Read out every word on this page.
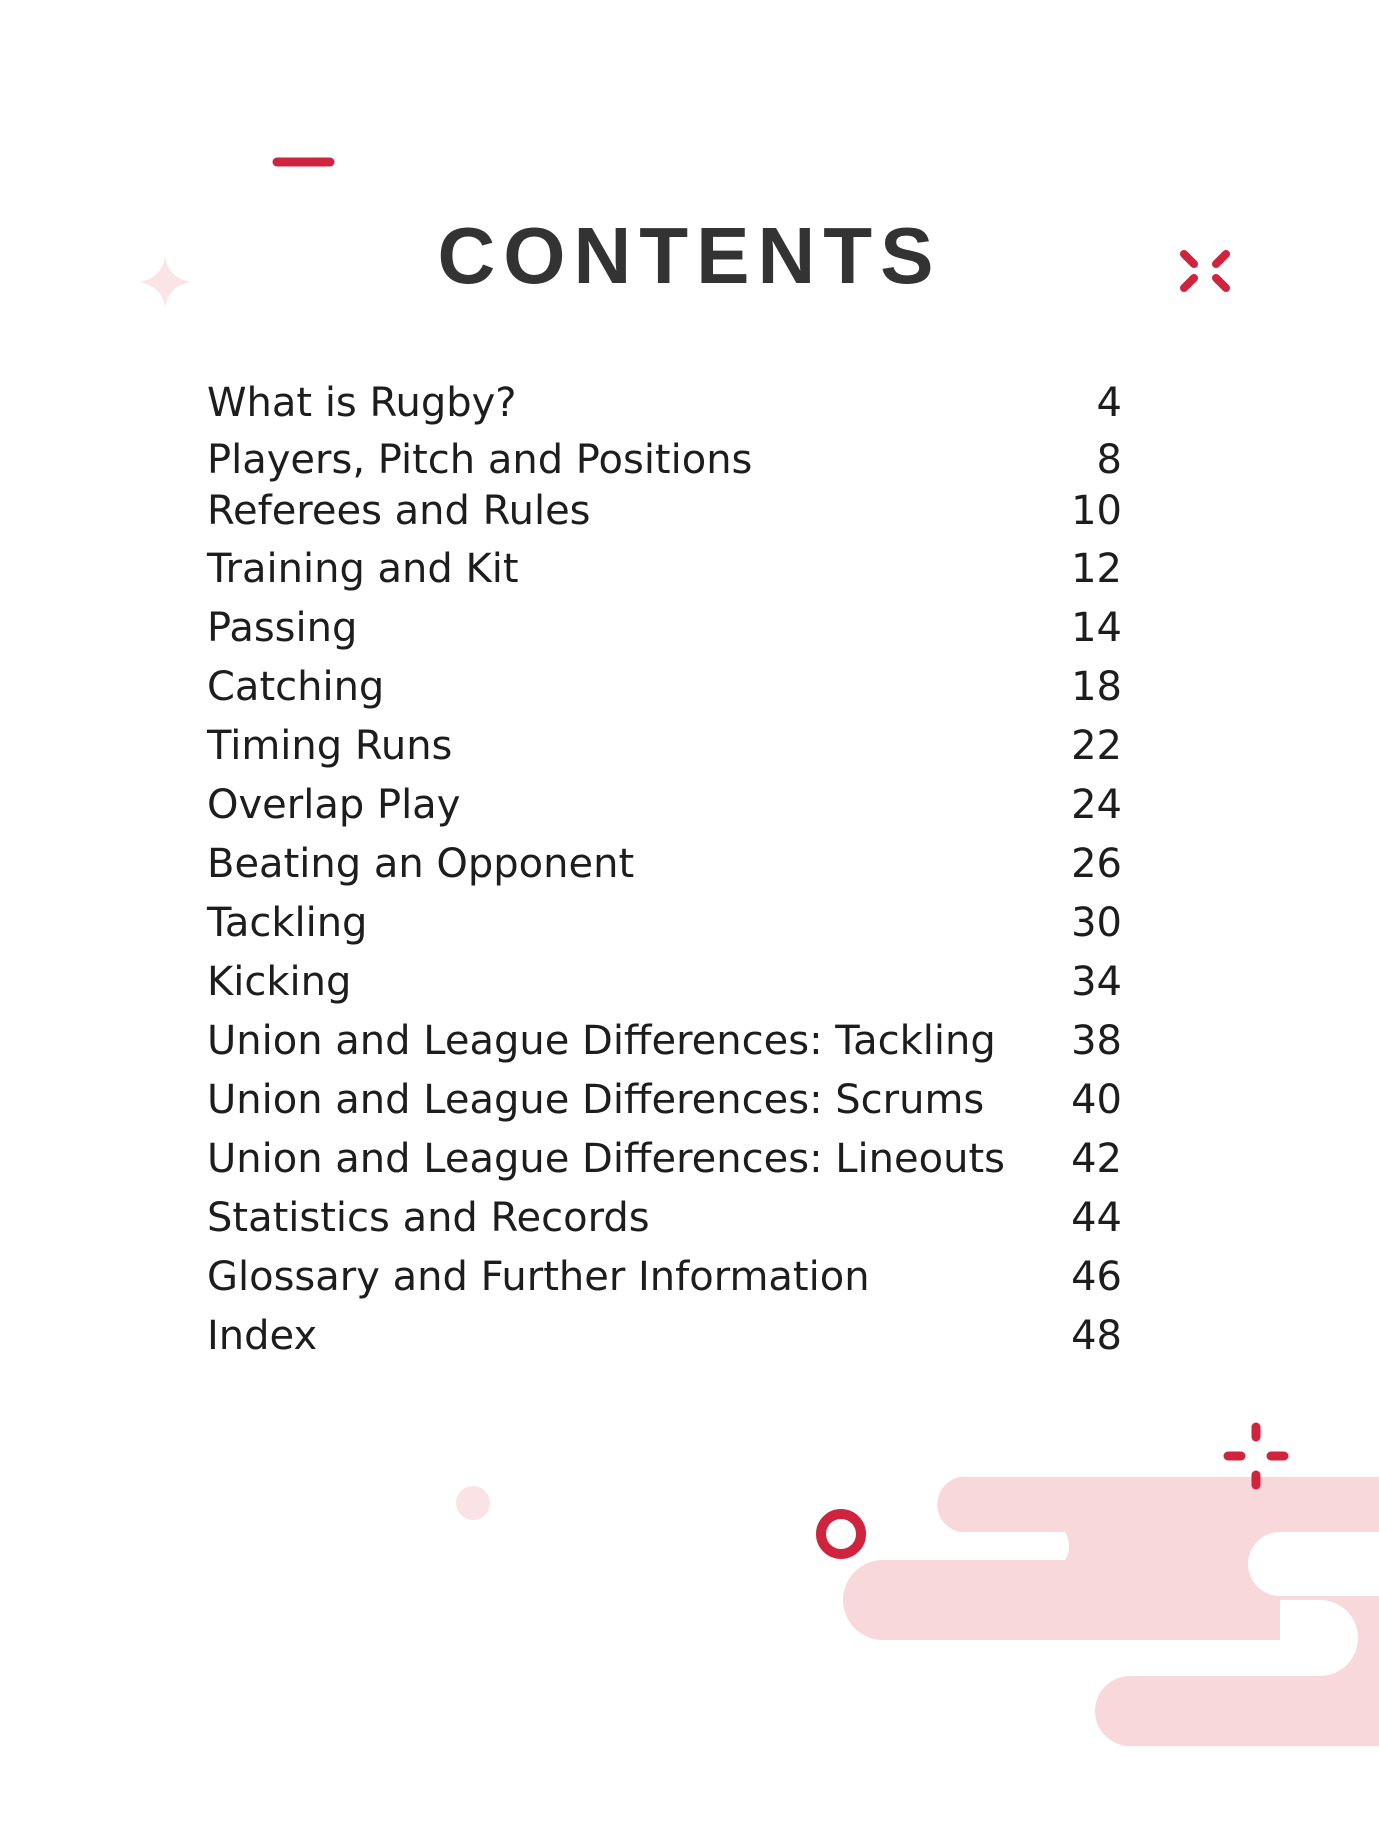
CONTENTS
What is Rugby?	4
Players, Pitch and Positions	8
Referees and Rules	10
Training and Kit	12
Passing	14
Catching	18
Timing Runs	22
Overlap Play	24
Beating an Opponent	26
Tackling	30
Kicking	34
Union and League Differences: Tackling 38
Union and League Differences: Scrums 40
Union and League Differences: Lineouts 42
Statistics and Records	44
Glossary and Further Information	46
Index	48
